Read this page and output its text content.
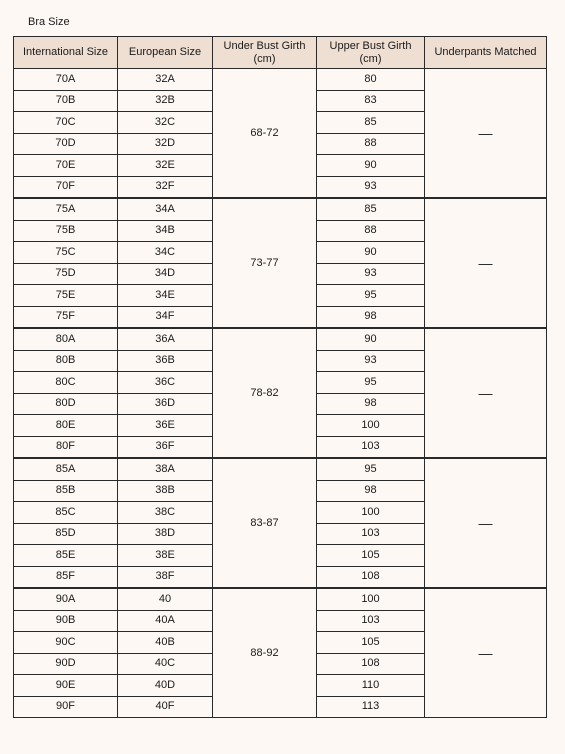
Bra Size
International Size	European Size	Under Bust Girth (cm)	Upper Bust Girth (cm)	Underpants Matched
70A	32A	68-72	80	—
70B	32B		83	
70C	32C		85	
70D	32D		88	
70E	32E		90	
70F	32F		93	
75A	34A	73-77	85	—
75B	34B		88	
75C	34C		90	
75D	34D		93	
75E	34E		95	
75F	34F		98	
80A	36A	78-82	90	—
80B	36B		93	
80C	36C		95	
80D	36D		98	
80E	36E		100	
80F	36F		103	
85A	38A	83-87	95	—
85B	38B		98	
85C	38C		100	
85D	38D		103	
85E	38E		105	
85F	38F		108	
90A	40	88-92	100	—
90B	40A		103	
90C	40B		105	
90D	40C		108	
90E	40D		110	
90F	40F		113	
